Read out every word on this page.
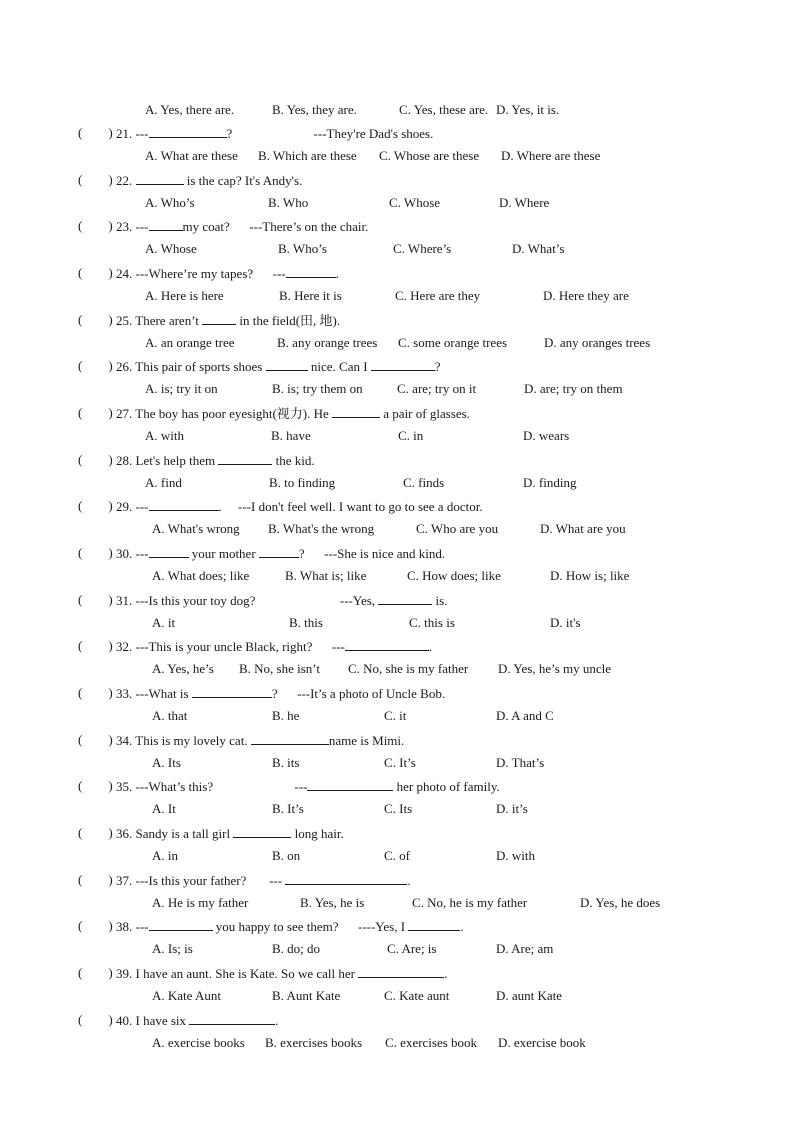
A. Yes, there are.	B. Yes, they are.	C. Yes, these are. D. Yes, it is.
(        ) 21. ---	?                         ---They're Dad's shoes.
A. What are these B. Which are these C. Whose are these D. Where are these
(        ) 22.	is the cap? It's Andy's.
A. Who’s	B. Who	C. Whose	D. Where
(        ) 23. ---	my coat?      ---There’s on the chair.
A. Whose	B. Who’s	C. Where’s	D. What’s
(        ) 24. ---Where’re my tapes?      ---	.
A. Here is here	B. Here it is	C. Here are they	D. Here they are
(        ) 25. There aren’t	in the field(田, 地).
A. an orange tree	B. any orange trees C. some orange trees	D. any oranges trees
(        ) 26. This pair of sports shoes	nice. Can I	?
A. is; try it on	B. is; try them on	C. are; try on it	D. are; try on them
(        ) 27. The boy has poor eyesight(视力). He	a pair of glasses.
A. with	B. have	C. in	D. wears
(        ) 28. Let's help them	the kid.
A. find	B. to finding	C. finds	D. finding
(        ) 29. ---	.     ---I don't feel well. I want to go to see a doctor.
A. What's wrong B. What's the wrong	C. Who are you	D. What are you
(        ) 30. ---	your mother	?      ---She is nice and kind.
A. What does; like	B. What is; like	C. How does; like	D. How is; like
(        ) 31. ---Is this your toy dog?                          ---Yes,	is.
A. it	B. this	C. this is	D. it's
(        ) 32. ---This is your uncle Black, right?      ---	.
A. Yes, he’s B. No, she isn’t C. No, she is my father D. Yes, he’s my uncle
(        ) 33. ---What is	?      ---It’s a photo of Uncle Bob.
A. that	B. he	C. it	D. A and C
(        ) 34. This is my lovely cat.	name is Mimi.
A. Its	B. its	C. It’s	D. That’s
(        ) 35. ---What’s this?                         ---	her photo of family.
A. It	B. It’s	C. Its	D. it’s
(        ) 36. Sandy is a tall girl	long hair.
A. in	B. on	C. of	D. with
(        ) 37. ---Is this your father?       ---	.
A. He is my father	B. Yes, he is	C. No, he is my father	D. Yes, he does
(        ) 38. ---	you happy to see them?      ----Yes, I	.
A. Is; is	B. do; do	C. Are; is	D. Are; am
(        ) 39. I have an aunt. She is Kate. So we call her	.
A. Kate Aunt	B. Aunt Kate	C. Kate aunt	D. aunt Kate
(        ) 40. I have six	.
A. exercise books B. exercises books C. exercises book D. exercise book
